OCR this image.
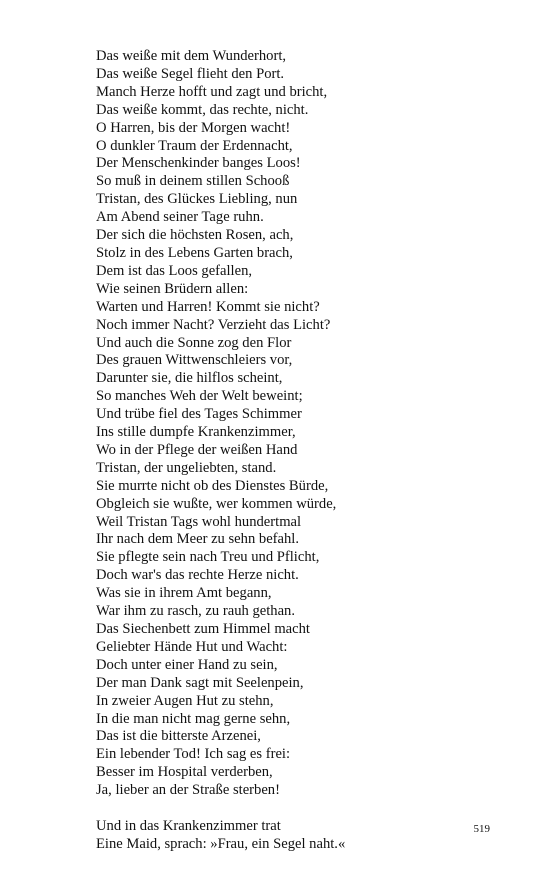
Das weiße mit dem Wunderhort,
Das weiße Segel flieht den Port.
Manch Herze hofft und zagt und bricht,
Das weiße kommt, das rechte, nicht.
O Harren, bis der Morgen wacht!
O dunkler Traum der Erdennacht,
Der Menschenkinder banges Loos!
So muß in deinem stillen Schooß
Tristan, des Glückes Liebling, nun
Am Abend seiner Tage ruhn.
Der sich die höchsten Rosen, ach,
Stolz in des Lebens Garten brach,
Dem ist das Loos gefallen,
Wie seinen Brüdern allen:
Warten und Harren! Kommt sie nicht?
Noch immer Nacht? Verzieht das Licht?
Und auch die Sonne zog den Flor
Des grauen Wittwenschleiers vor,
Darunter sie, die hilflos scheint,
So manches Weh der Welt beweint;
Und trübe fiel des Tages Schimmer
Ins stille dumpfe Krankenzimmer,
Wo in der Pflege der weißen Hand
Tristan, der ungeliebten, stand.
Sie murrte nicht ob des Dienstes Bürde,
Obgleich sie wußte, wer kommen würde,
Weil Tristan Tags wohl hundertmal
Ihr nach dem Meer zu sehn befahl.
Sie pflegte sein nach Treu und Pflicht,
Doch war's das rechte Herze nicht.
Was sie in ihrem Amt begann,
War ihm zu rasch, zu rauh gethan.
Das Siechenbett zum Himmel macht
Geliebter Hände Hut und Wacht:
Doch unter einer Hand zu sein,
Der man Dank sagt mit Seelenpein,
In zweier Augen Hut zu stehn,
In die man nicht mag gerne sehn,
Das ist die bitterste Arzenei,
Ein lebender Tod! Ich sag es frei:
Besser im Hospital verderben,
Ja, lieber an der Straße sterben!
Und in das Krankenzimmer trat
Eine Maid, sprach: »Frau, ein Segel naht.«
519
